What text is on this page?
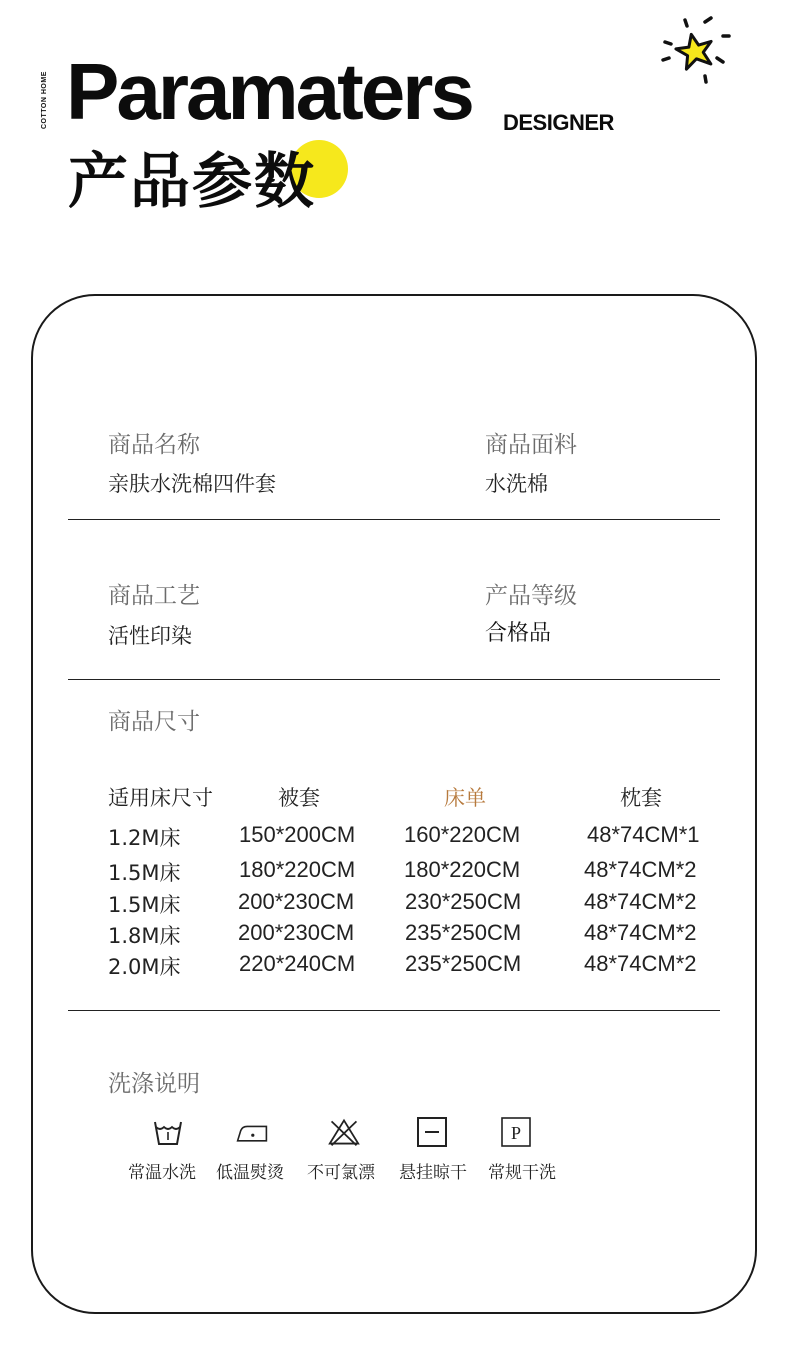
COTTON HOME Paramaters DESIGNER
产品参数
商品名称
亲肤水洗棉四件套
商品面料
水洗棉
商品工艺
活性印染
产品等级
合格品
商品尺寸
适用床尺寸	被套	床单	枕套
1.2M床	150*200CM 160*220CM	48*74CM*1
1.5M床	180*220CM 180*220CM	48*74CM*2
1.5M床	200*230CM 230*250CM	48*74CM*2
1.8M床	200*230CM 235*250CM	48*74CM*2
2.0M床	220*240CM 235*250CM	48*74CM*2
洗涤说明
P
常温水洗 低温熨烫 不可氯漂 悬挂晾干 常规干洗
